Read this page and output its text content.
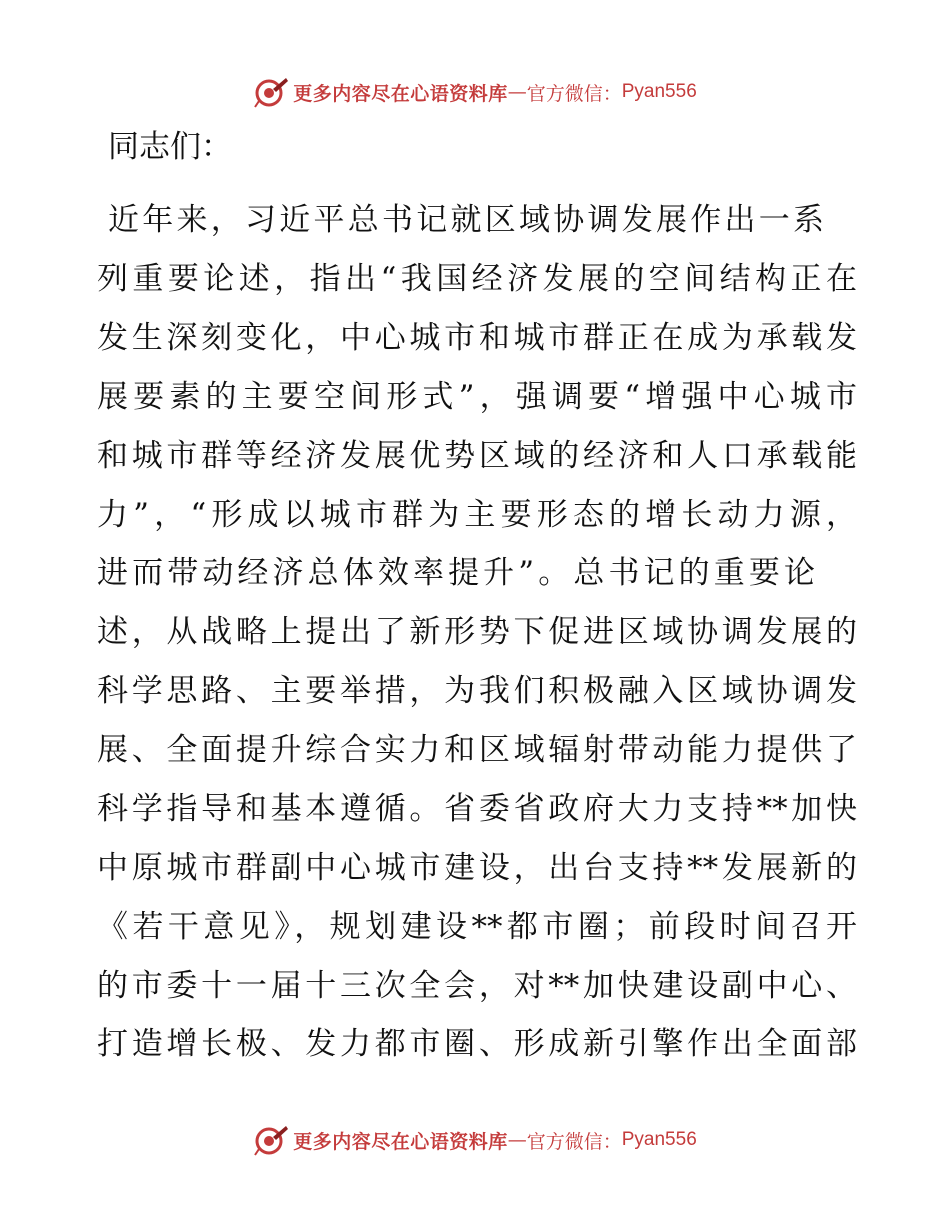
更多内容尽在心语资料库 — 官方微信： Pyan556
同志们：
近年来，习近平总书记就区域协调发展作出一系
列重要论述，指出“我国经济发展的空间结构正在
发生深刻变化，中心城市和城市群正在成为承载发
展要素的主要空间形式”，强调要“增强中心城市
和城市群等经济发展优势区域的经济和人口承载能
力”，“形成以城市群为主要形态的增长动力源，
进而带动经济总体效率提升”。总书记的重要论
述，从战略上提出了新形势下促进区域协调发展的
科学思路、主要举措，为我们积极融入区域协调发
展、全面提升综合实力和区域辐射带动能力提供了
科学指导和基本遵循。省委省政府大力支持**加快
中原城市群副中心城市建设，出台支持**发展新的
《若干意见》，规划建设**都市圈；前段时间召开
的市委十一届十三次全会，对**加快建设副中心、
打造增长极、发力都市圈、形成新引擎作出全面部
更多内容尽在心语资料库 — 官方微信： Pyan556
